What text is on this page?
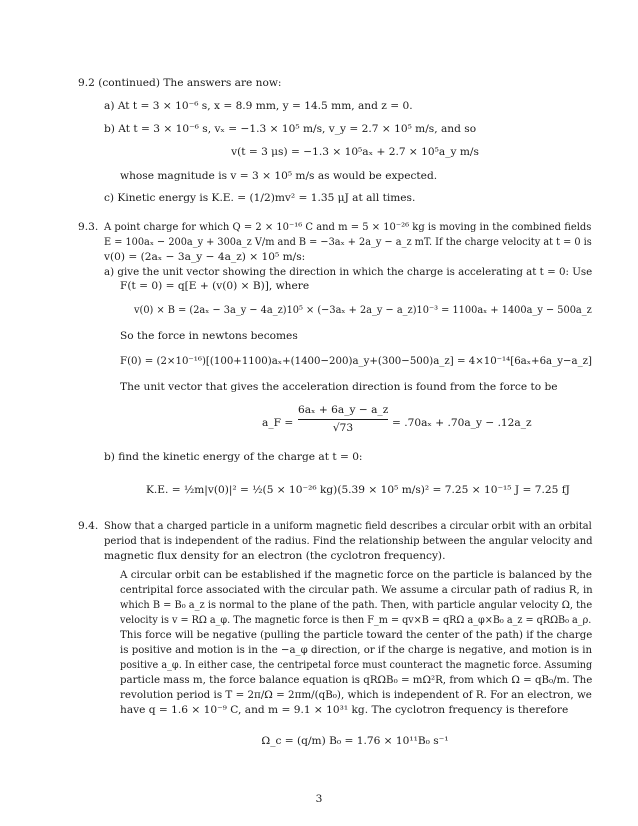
9.2 (continued) The answers are now:
a) At t = 3 × 10⁻⁶ s, x = 8.9 mm, y = 14.5 mm, and z = 0.
b) At t = 3 × 10⁻⁶ s, vₓ = −1.3 × 10⁵ m/s, v_y = 2.7 × 10⁵ m/s, and so
v(t = 3 μs) = −1.3 × 10⁵aₓ + 2.7 × 10⁵a_y m/s
whose magnitude is v = 3 × 10⁵ m/s as would be expected.
c) Kinetic energy is K.E. = (1/2)mv² = 1.35 μJ at all times.
9.3. A point charge for which Q = 2 × 10⁻¹⁶ C and m = 5 × 10⁻²⁶ kg is moving in the combined fields
E = 100aₓ − 200a_y + 300a_z V/m and B = −3aₓ + 2a_y − a_z mT. If the charge velocity at t = 0 is
v(0) = (2aₓ − 3a_y − 4a_z) × 10⁵ m/s:
a) give the unit vector showing the direction in which the charge is accelerating at t = 0: Use
F(t = 0) = q[E + (v(0) × B)], where
v(0) × B = (2aₓ − 3a_y − 4a_z)10⁵ × (−3aₓ + 2a_y − a_z)10⁻³ = 1100aₓ + 1400a_y − 500a_z
So the force in newtons becomes
F(0) = (2×10⁻¹⁶)[(100+1100)aₓ+(1400−200)a_y+(300−500)a_z] = 4×10⁻¹⁴[6aₓ+6a_y−a_z]
The unit vector that gives the acceleration direction is found from the force to be
a_F =
6aₓ + 6a_y − a_z
√73	= .70aₓ + .70a_y − .12a_z
b) find the kinetic energy of the charge at t = 0:
K.E. = ½m|v(0)|² = ½(5 × 10⁻²⁶ kg)(5.39 × 10⁵ m/s)² = 7.25 × 10⁻¹⁵ J = 7.25 fJ
9.4. Show that a charged particle in a uniform magnetic field describes a circular orbit with an orbital
period that is independent of the radius. Find the relationship between the angular velocity and
magnetic flux density for an electron (the cyclotron frequency).
A circular orbit can be established if the magnetic force on the particle is balanced by the
centripital force associated with the circular path. We assume a circular path of radius R, in
which B = B₀ a_z is normal to the plane of the path. Then, with particle angular velocity Ω, the
velocity is v = RΩ a_φ. The magnetic force is then F_m = qv×B = qRΩ a_φ×B₀ a_z = qRΩB₀ a_ρ.
This force will be negative (pulling the particle toward the center of the path) if the charge
is positive and motion is in the −a_φ direction, or if the charge is negative, and motion is in
positive a_φ. In either case, the centripetal force must counteract the magnetic force. Assuming
particle mass m, the force balance equation is qRΩB₀ = mΩ²R, from which Ω = qB₀/m. The
revolution period is T = 2π/Ω = 2πm/(qB₀), which is independent of R. For an electron, we
have q = 1.6 × 10⁻⁹ C, and m = 9.1 × 10³¹ kg. The cyclotron frequency is therefore
Ω_c = (q/m) B₀ = 1.76 × 10¹¹B₀ s⁻¹
3
